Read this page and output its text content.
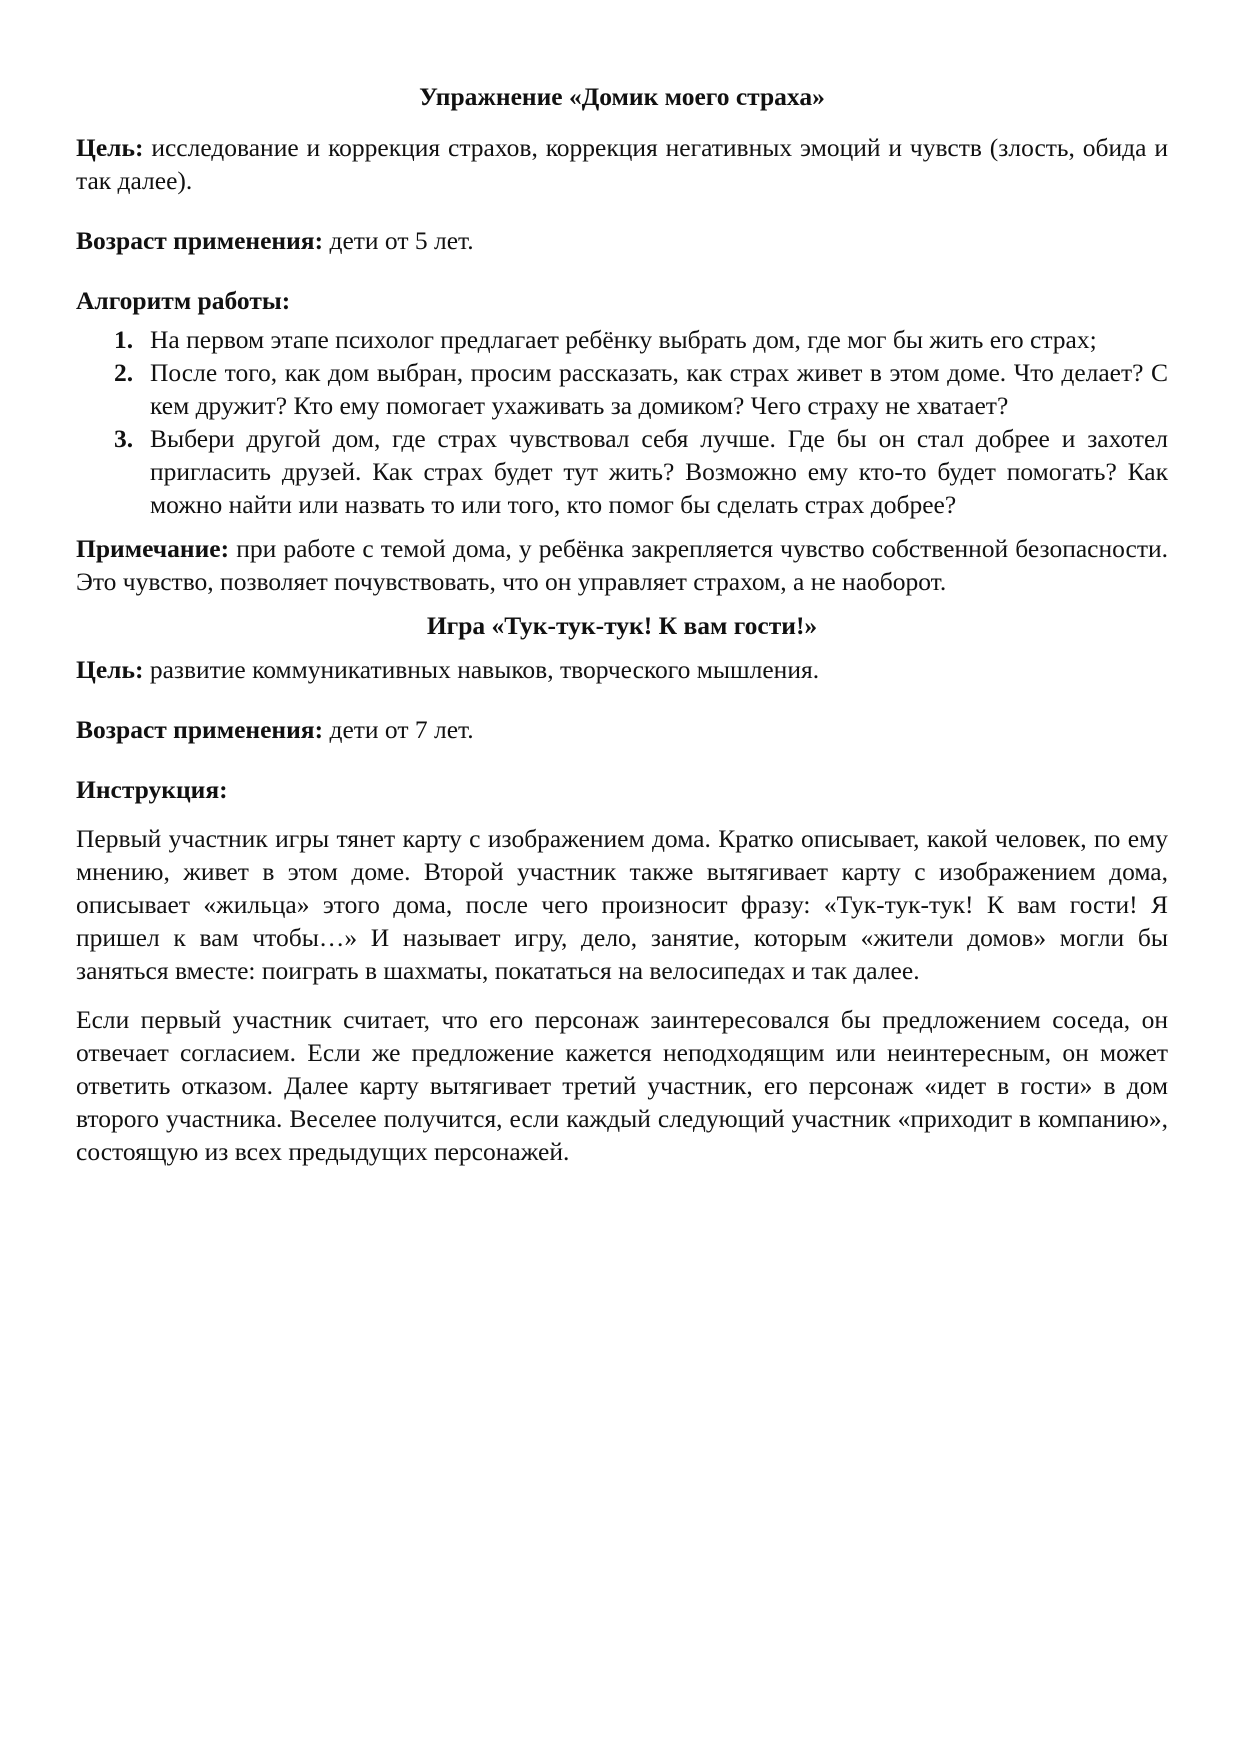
Упражнение «Домик моего страха»

Цель: исследование и коррекция страхов, коррекция негативных эмоций и чувств (злость, обида и так далее).

Возраст применения: дети от 5 лет.

Алгоритм работы:

1. На первом этапе психолог предлагает ребёнку выбрать дом, где мог бы жить его страх;
2. После того, как дом выбран, просим рассказать, как страх живет в этом доме. Что делает? С кем дружит? Кто ему помогает ухаживать за домиком? Чего страху не хватает?
3. Выбери другой дом, где страх чувствовал себя лучше. Где бы он стал добрее и захотел пригласить друзей. Как страх будет тут жить? Возможно ему кто-то будет помогать? Как можно найти или назвать то или того, кто помог бы сделать страх добрее?

Примечание: при работе с темой дома, у ребёнка закрепляется чувство собственной безопасности. Это чувство, позволяет почувствовать, что он управляет страхом, а не наоборот.

Игра «Тук-тук-тук! К вам гости!»

Цель: развитие коммуникативных навыков, творческого мышления.

Возраст применения: дети от 7 лет.

Инструкция:

Первый участник игры тянет карту с изображением дома. Кратко описывает, какой человек, по ему мнению, живет в этом доме. Второй участник также вытягивает карту с изображением дома, описывает «жильца» этого дома, после чего произносит фразу: «Тук-тук-тук! К вам гости! Я пришел к вам чтобы…» И называет игру, дело, занятие, которым «жители домов» могли бы заняться вместе: поиграть в шахматы, покататься на велосипедах и так далее.

Если первый участник считает, что его персонаж заинтересовался бы предложением соседа, он отвечает согласием. Если же предложение кажется неподходящим или неинтересным, он может ответить отказом. Далее карту вытягивает третий участник, его персонаж «идет в гости» в дом второго участника. Веселее получится, если каждый следующий участник «приходит в компанию», состоящую из всех предыдущих персонажей.
